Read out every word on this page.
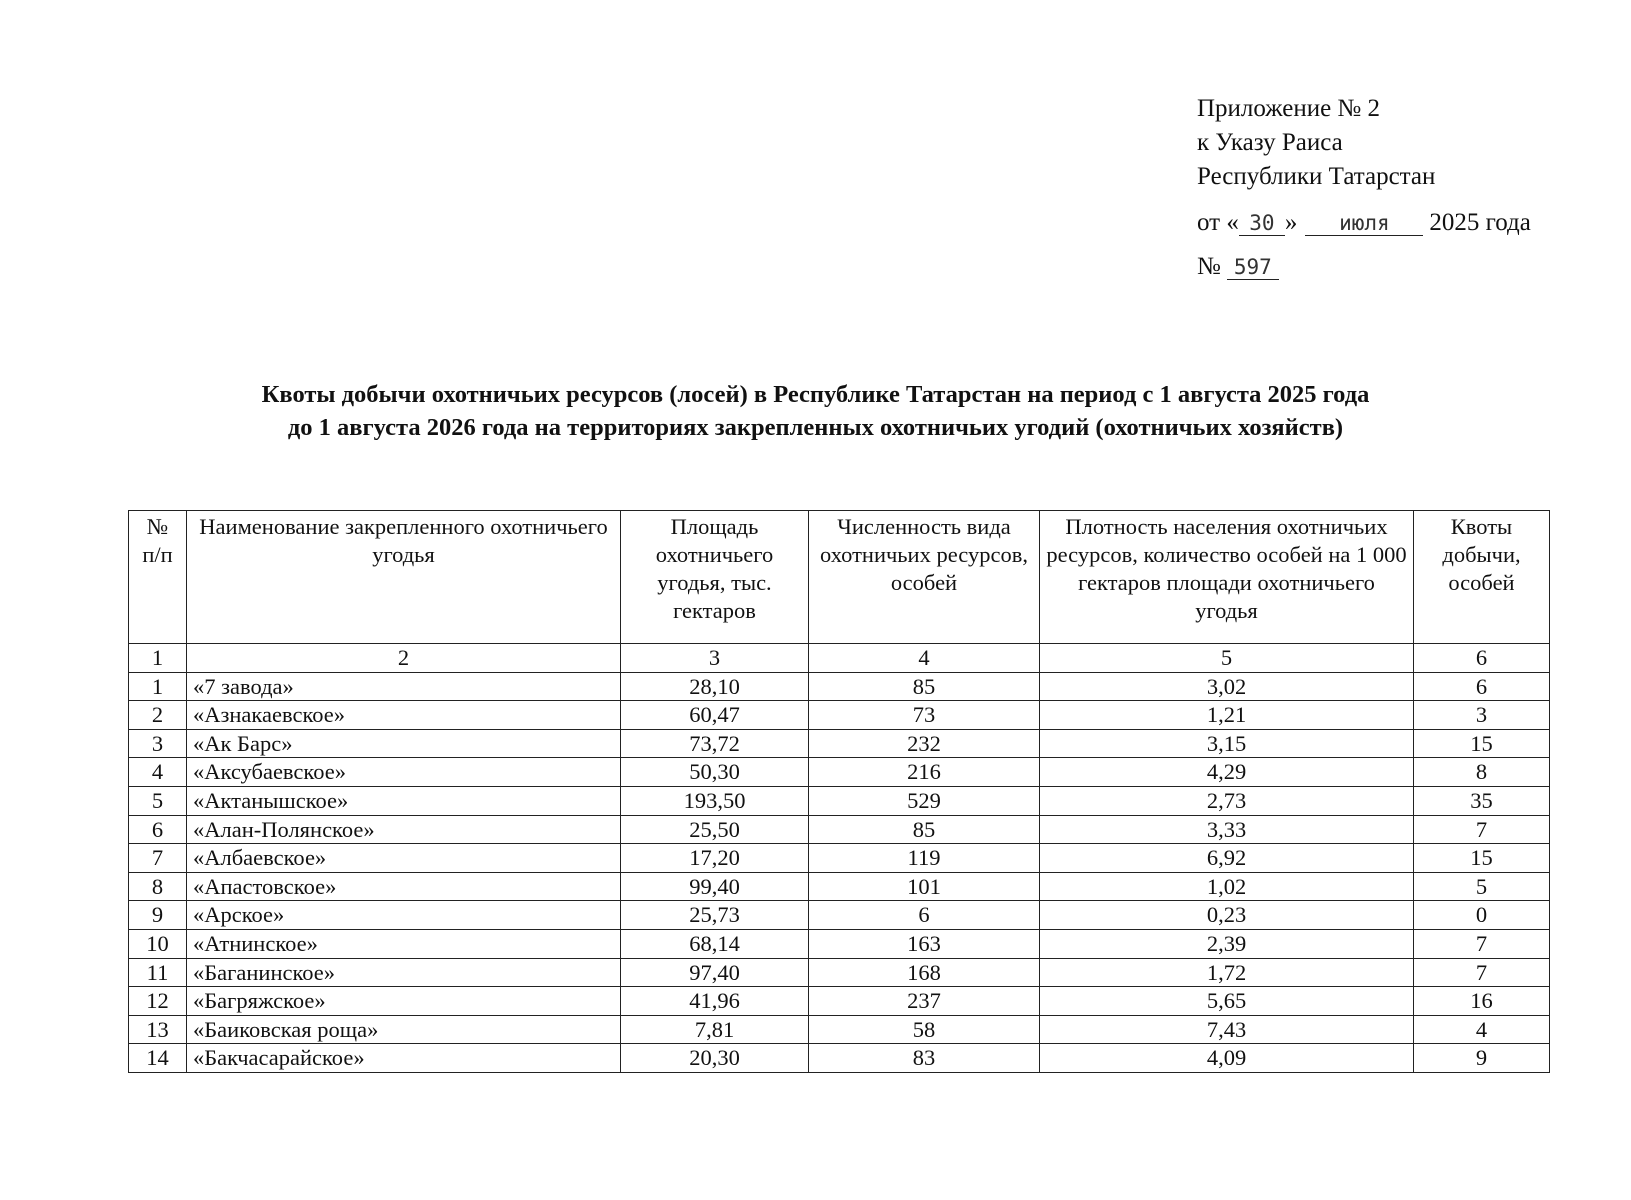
Приложение № 2
к Указу Раиса
Республики Татарстан
от « 30 » июля 2025 года
№ 597
Квоты добычи охотничьих ресурсов (лосей) в Республике Татарстан на период с 1 августа 2025 года
до 1 августа 2026 года на территориях закрепленных охотничьих угодий (охотничьих хозяйств)
№ п/п	Наименование закрепленного охотничьего угодья	Площадь охотничьего угодья, тыс. гектаров	Численность вида охотничьих ресурсов, особей	Плотность населения охотничьих ресурсов, количество особей на 1 000 гектаров площади охотничьего угодья	Квоты добычи, особей
1	2	3	4	5	6
1	«7 завода»	28,10	85	3,02	6
2	«Азнакаевское»	60,47	73	1,21	3
3	«Ак Барс»	73,72	232	3,15	15
4	«Аксубаевское»	50,30	216	4,29	8
5	«Актанышское»	193,50	529	2,73	35
6	«Алан-Полянское»	25,50	85	3,33	7
7	«Албаевское»	17,20	119	6,92	15
8	«Апастовское»	99,40	101	1,02	5
9	«Арское»	25,73	6	0,23	0
10	«Атнинское»	68,14	163	2,39	7
11	«Баганинское»	97,40	168	1,72	7
12	«Багряжское»	41,96	237	5,65	16
13	«Баиковская роща»	7,81	58	7,43	4
14	«Бакчасарайское»	20,30	83	4,09	9
